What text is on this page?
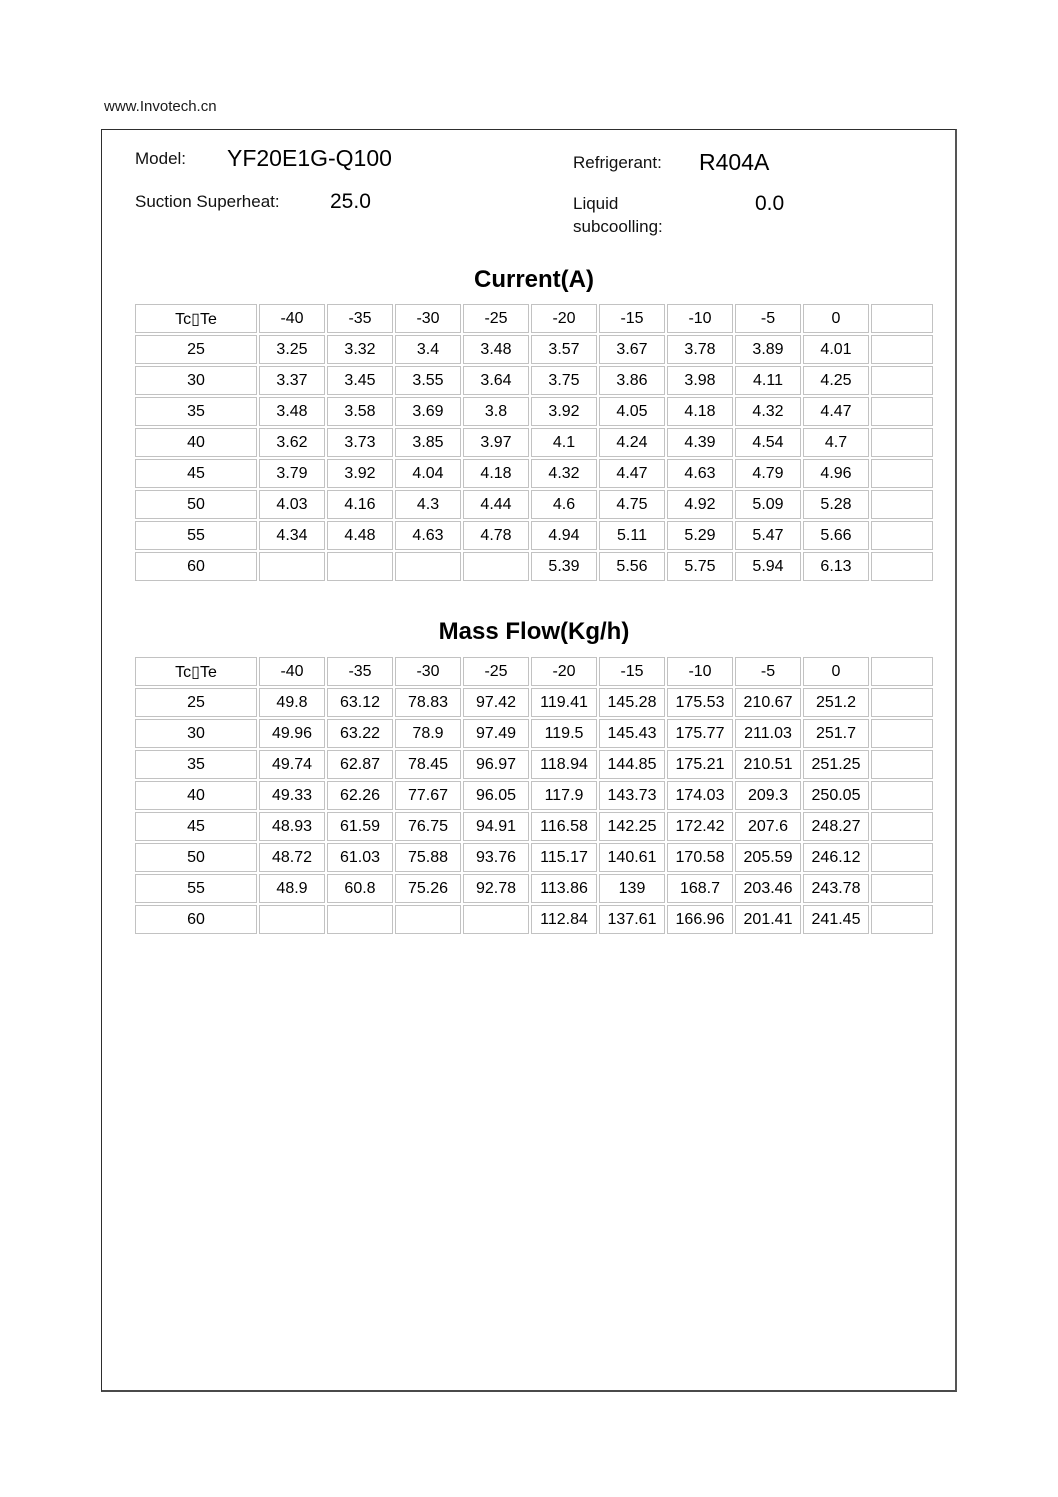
www.Invotech.cn
Model: YF20E1G-Q100	Refrigerant: R404A
Suction Superheat: 25.0	Liquid subcoolling:
0.0
Current(A)
Tc▯Te	-40	-35	-30	-25	-20	-15	-10	-5	0	
25	3.25	3.32	3.4	3.48	3.57	3.67	3.78	3.89	4.01	
30	3.37	3.45	3.55	3.64	3.75	3.86	3.98	4.11	4.25	
35	3.48	3.58	3.69	3.8	3.92	4.05	4.18	4.32	4.47	
40	3.62	3.73	3.85	3.97	4.1	4.24	4.39	4.54	4.7	
45	3.79	3.92	4.04	4.18	4.32	4.47	4.63	4.79	4.96	
50	4.03	4.16	4.3	4.44	4.6	4.75	4.92	5.09	5.28	
55	4.34	4.48	4.63	4.78	4.94	5.11	5.29	5.47	5.66	
60					5.39	5.56	5.75	5.94	6.13	
Mass Flow(Kg/h)
Tc▯Te	-40	-35	-30	-25	-20	-15	-10	-5	0	
25	49.8	63.12	78.83	97.42	119.41	145.28	175.53	210.67	251.2	
30	49.96	63.22	78.9	97.49	119.5	145.43	175.77	211.03	251.7	
35	49.74	62.87	78.45	96.97	118.94	144.85	175.21	210.51	251.25	
40	49.33	62.26	77.67	96.05	117.9	143.73	174.03	209.3	250.05	
45	48.93	61.59	76.75	94.91	116.58	142.25	172.42	207.6	248.27	
50	48.72	61.03	75.88	93.76	115.17	140.61	170.58	205.59	246.12	
55	48.9	60.8	75.26	92.78	113.86	139	168.7	203.46	243.78	
60					112.84	137.61	166.96	201.41	241.45	
